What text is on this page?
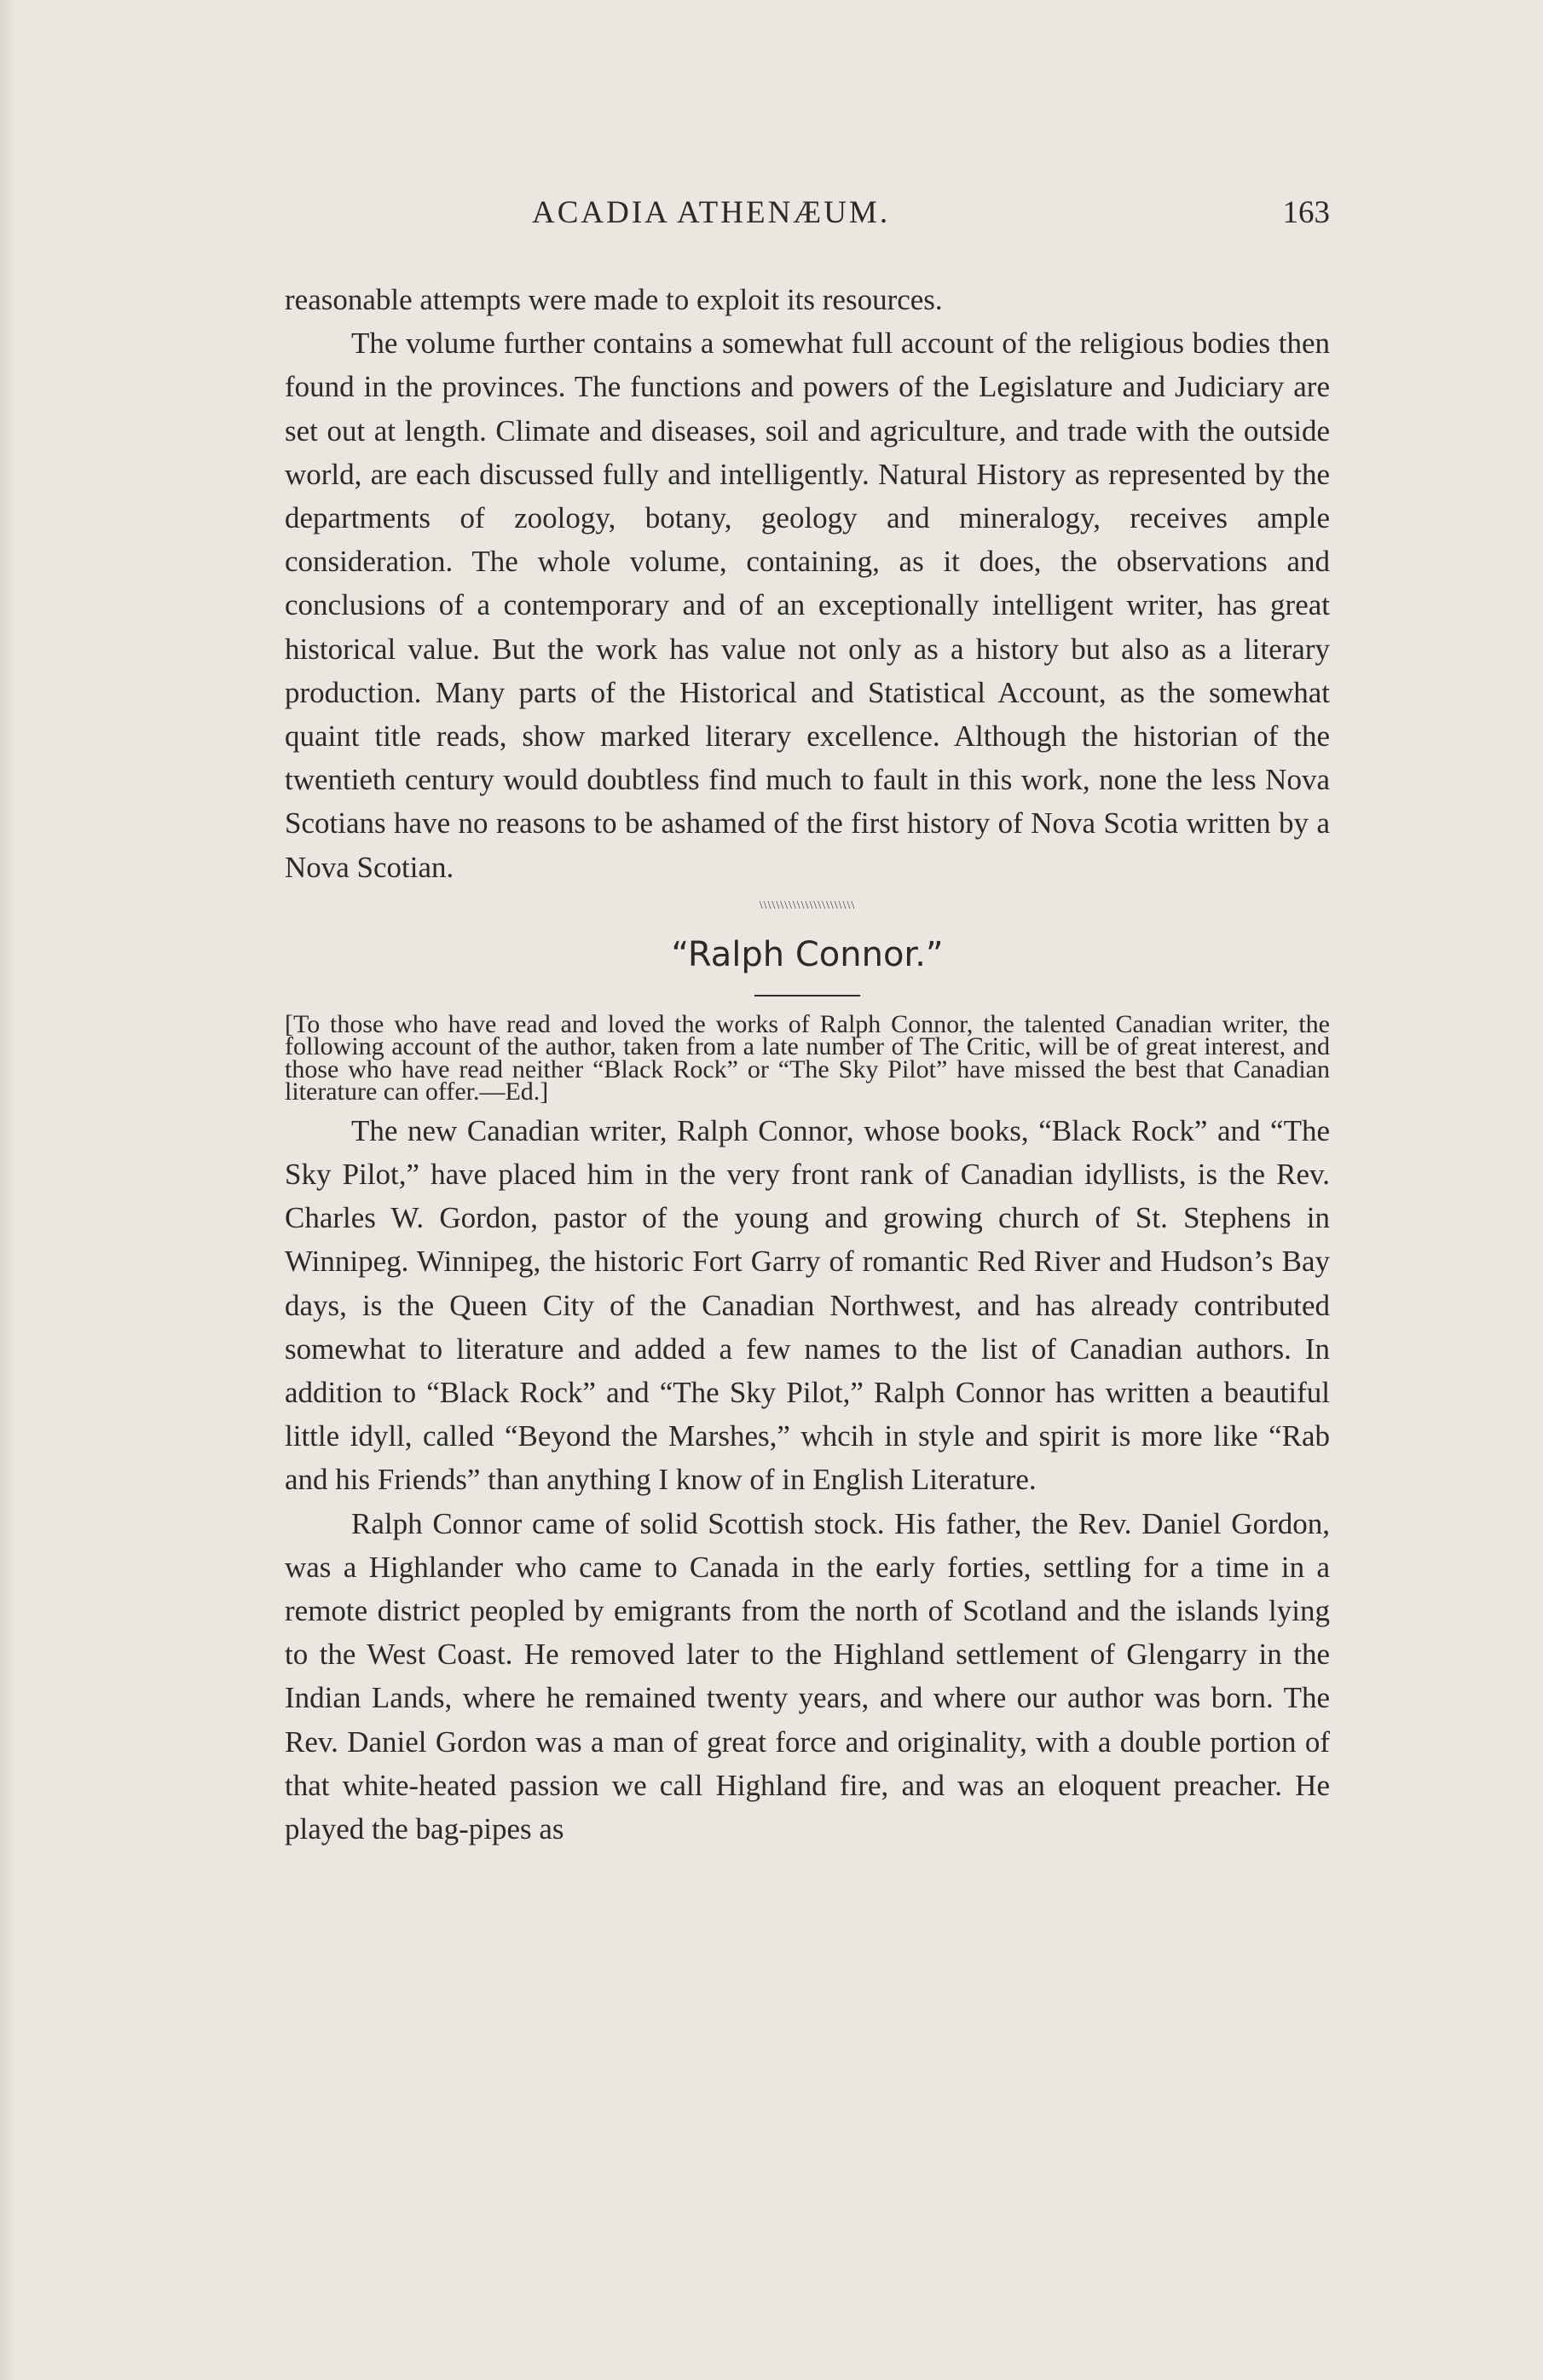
ACADIA ATHENÆUM.	163

reasonable attempts were made to exploit its resources.

The volume further contains a somewhat full account of the religious bodies then found in the provinces. The functions and powers of the Legislature and Judiciary are set out at length. Climate and diseases, soil and agriculture, and trade with the outside world, are each discussed fully and intelligently. Natural History as represented by the departments of zoology, botany, geology and mineralogy, receives ample consideration. The whole volume, containing, as it does, the observations and conclusions of a contemporary and of an exceptionally intelligent writer, has great historical value. But the work has value not only as a history but also as a literary production. Many parts of the Historical and Statistical Account, as the somewhat quaint title reads, show marked literary excellence. Although the historian of the twentieth century would doubtless find much to fault in this work, none the less Nova Scotians have no reasons to be ashamed of the first history of Nova Scotia written by a Nova Scotian.

\\\\\\\\\\\\\\\\\\\\\\\
“Ralph Connor.”

[To those who have read and loved the works of Ralph Connor, the talented Canadian writer, the following account of the author, taken from a late number of The Critic, will be of great interest, and those who have read neither “Black Rock” or “The Sky Pilot” have missed the best that Canadian literature can offer.—Ed.]

The new Canadian writer, Ralph Connor, whose books, “Black Rock” and “The Sky Pilot,” have placed him in the very front rank of Canadian idyllists, is the Rev. Charles W. Gordon, pastor of the young and growing church of St. Stephens in Winnipeg. Winnipeg, the historic Fort Garry of romantic Red River and Hudson’s Bay days, is the Queen City of the Canadian Northwest, and has already contributed somewhat to literature and added a few names to the list of Canadian authors. In addition to “Black Rock” and “The Sky Pilot,” Ralph Connor has written a beautiful little idyll, called “Beyond the Marshes,” whcih in style and spirit is more like “Rab and his Friends” than anything I know of in English Literature.

Ralph Connor came of solid Scottish stock. His father, the Rev. Daniel Gordon, was a Highlander who came to Canada in the early forties, settling for a time in a remote district peopled by emigrants from the north of Scotland and the islands lying to the West Coast. He removed later to the Highland settlement of Glengarry in the Indian Lands, where he remained twenty years, and where our author was born. The Rev. Daniel Gordon was a man of great force and originality, with a double portion of that white-heated passion we call Highland fire, and was an eloquent preacher. He played the bag-pipes as
